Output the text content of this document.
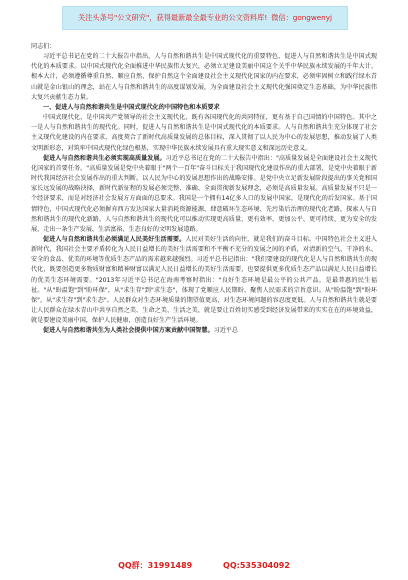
关注头条号"公文研究"，获得最新最全最专业的公文资料库! 微信：gongwenyj
同志们：
习近平总书记在党的二十大报告中指出，人与自然和谐共生是中国式现代化的重要特色，促进人与自然和谐共生是中国式现代化的本质要求。以中国式现代化全面推进中华民族伟大复兴，必须立足建设美丽中国这个关乎中华民族永续发展的千年大计、根本大计，必须遵循尊重自然、顺应自然、保护自然这个全面建设社会主义现代化国家的内在要求，必须牢固树立和践行绿水青山就是金山银山的理念，站在人与自然和谐共生的高度谋划发展，为全面建设社会主义现代化强国奠定生态基础，为中华民族伟大复兴贡献生态力量。
一、促进人与自然和谐共生是中国式现代化的中国特色和本质要求
中国式现代化，是中国共产党领导的社会主义现代化，既有各国现代化的共同特征，更有基于自己国情的中国特色。其中之一是人与自然和谐共生的现代化。同时，促进人与自然和谐共生是中国式现代化的本质要求。人与自然和谐共生充分体现了社会主义现代化建设的内在要求，高度契合了新时代高质量发展的总体目标，深入贯彻了以人民为中心的发展思想，推动发展了人类文明新形态，对筑牢中国式现代化绿色根基，实现中华民族永续发展具有重大现实意义和深远历史意义。
促进人与自然和谐共生必须实现高质量发展。习近平总书记在党的二十大报告中指出："高质量发展是全面建设社会主义现代化国家的首要任务。"高质量发展是党中央着眼于"两个一百年"奋斗目标关于我国现代化建设作出的重大部署，是党中央着眼于新时代我国经济社会发展作出的重大判断。以人民为中心的发展思想作出的战略安排。是党中央立足新发展阶段提出的事关党和国家长远发展的战略抉择，新时代新征程的发展必须完整、准确、全面贯彻新发展理念，必须是高质量发展。高质量发展不只是一个经济要求，而是对经济社会发展方方面面的总要求。我国是一个拥有14亿多人口的发展中国家，是现代化的后发国家。基于国情特色，中国式现代化必须摒弃西方发达国家大量消耗资源能源、肆意破坏生态环境、先污染后治理的现代化老路，探索人与自然和谐共生的现代化新路。人与自然和谐共生的现代化可以推动实现更高质量、更有效率、更加公平、更可持续、更为安全的发展，走出一条生产发展、生活富裕、生态良好的文明发展道路。
促进人与自然和谐共生必须满足人民美好生活需要。人民对美好生活的向往，就是我们的奋斗目标。中国特色社会主义进入新时代，我国社会主要矛盾转化为人民日益增长的美好生活需要和不平衡不充分的发展之间的矛盾，对清新的空气、干净的水、安全的食品、优美的环境等优质生态产品的需求越来越强烈。习近平总书记指出："我们要建设的现代化是人与自然和谐共生的现代化，既要创造更多物质财富和精神财富以满足人民日益增长的美好生活需要，也要提供更多优质生态产品以满足人民日益增长的优美生态环境需要。"2013年习近平总书记在海南考察时指出："良好生态环境是最公平的公共产品，是最普惠的民生福祉。"从"盼温饱"到"盼环保"，从"求生存"到"求生态"，体现了党顺应人民期盼、聚焦人民需求的宗旨意识。从"盼温饱"到"盼环保"，从"求生存"到"求生态"。人民群众对生态环境质量的期望值更高，对生态环境问题的容忍度更低。人与自然和谐共生就是要让人民群众在绿水青山中共享自然之美、生命之美、生活之美，就是要让百姓切实感受到经济发展带来的实实在在的环境效益，就是要建设美丽中国，保护人民健康，创造良好生产生活环境。
促进人与自然和谐共生为人类社会提供中国方案贡献中国智慧。习近平总
QQ群：31991489	QQ:535304092
